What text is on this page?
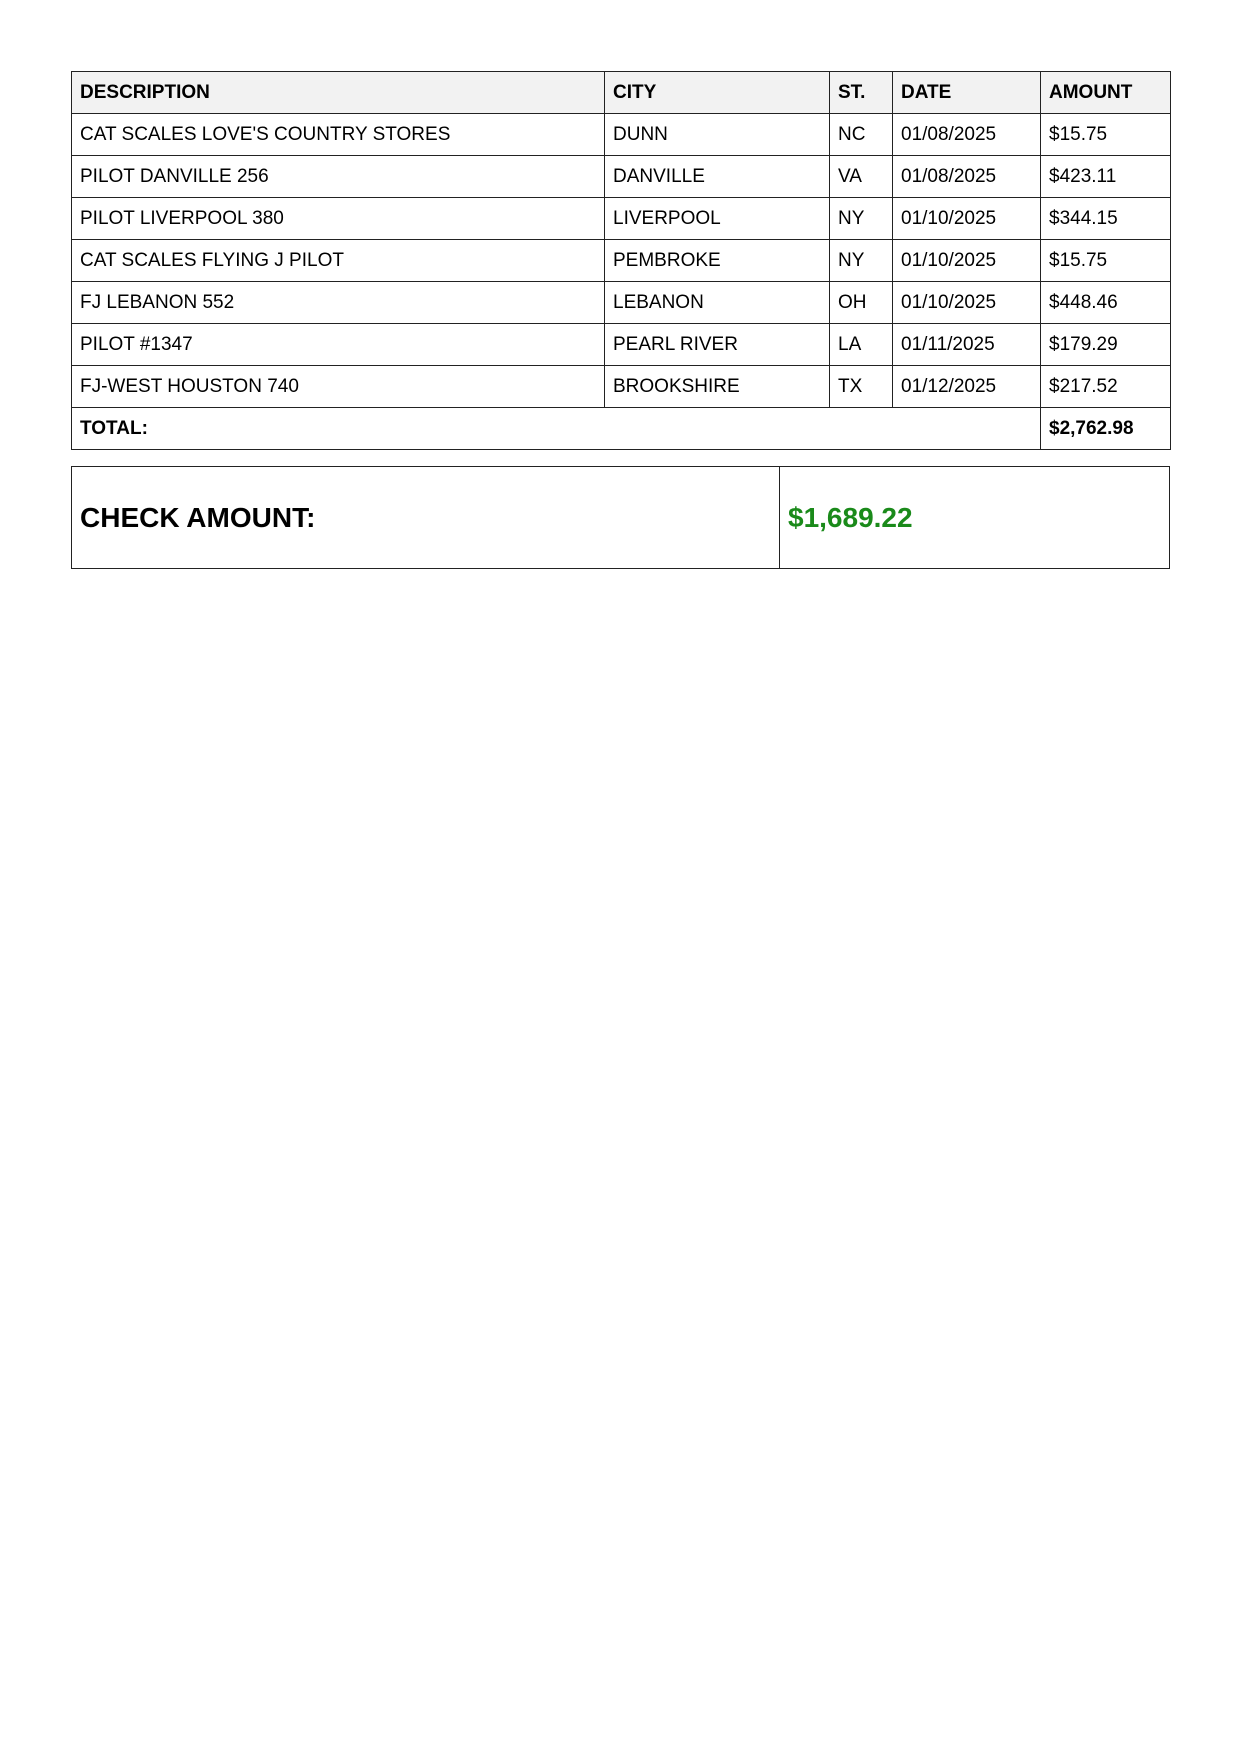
DESCRIPTION	CITY	ST.	DATE	AMOUNT
CAT SCALES LOVE'S COUNTRY STORES	DUNN	NC	01/08/2025	$15.75
PILOT DANVILLE 256	DANVILLE	VA	01/08/2025	$423.11
PILOT LIVERPOOL 380	LIVERPOOL	NY	01/10/2025	$344.15
CAT SCALES FLYING J PILOT	PEMBROKE	NY	01/10/2025	$15.75
FJ LEBANON 552	LEBANON	OH	01/10/2025	$448.46
PILOT #1347	PEARL RIVER	LA	01/11/2025	$179.29
FJ-WEST HOUSTON 740	BROOKSHIRE	TX	01/12/2025	$217.52
TOTAL:				$2,762.98
CHECK AMOUNT:	$1,689.22
